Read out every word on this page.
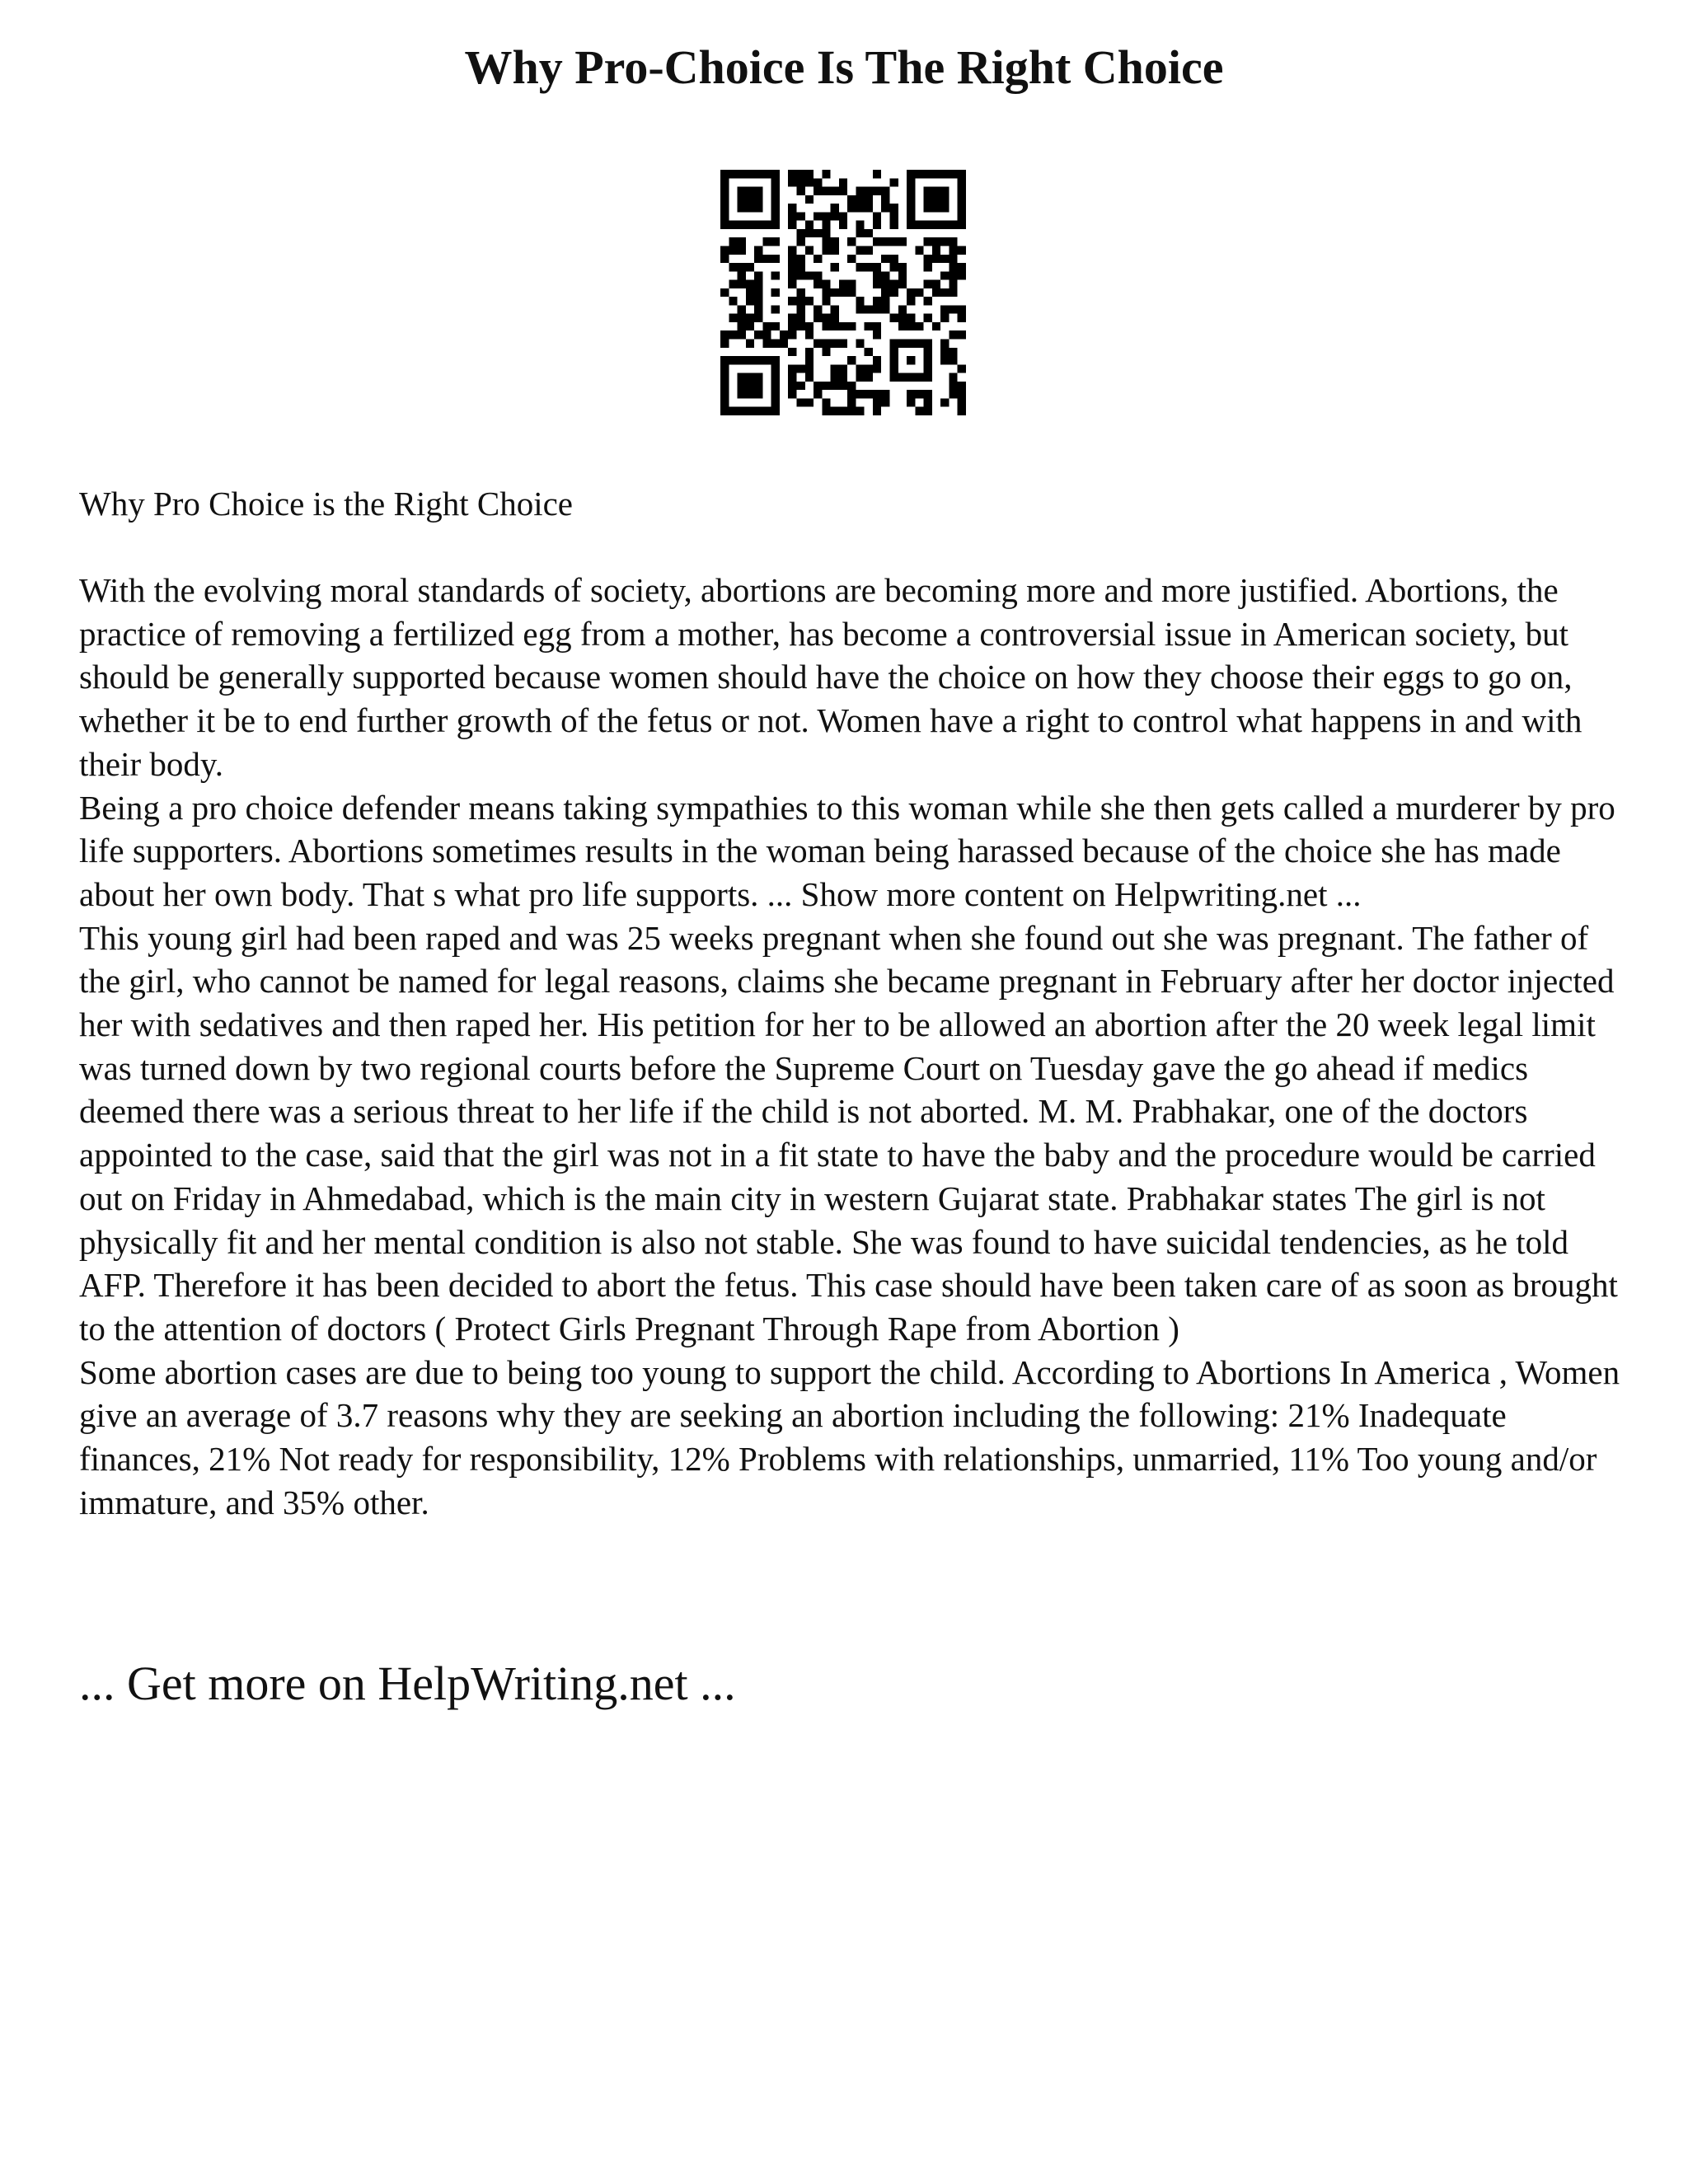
Why Pro-Choice Is The Right Choice

Why Pro Choice is the Right Choice

With the evolving moral standards of society, abortions are becoming more and more justified. Abortions, the practice of removing a fertilized egg from a mother, has become a controversial issue in American society, but should be generally supported because women should have the choice on how they choose their eggs to go on, whether it be to end further growth of the fetus or not. Women have a right to control what happens in and with their body.

Being a pro choice defender means taking sympathies to this woman while she then gets called a murderer by pro life supporters. Abortions sometimes results in the woman being harassed because of the choice she has made about her own body. That s what pro life supports. ... Show more content on Helpwriting.net ...

This young girl had been raped and was 25 weeks pregnant when she found out she was pregnant. The father of the girl, who cannot be named for legal reasons, claims she became pregnant in February after her doctor injected her with sedatives and then raped her. His petition for her to be allowed an abortion after the 20 week legal limit was turned down by two regional courts before the Supreme Court on Tuesday gave the go ahead if medics deemed there was a serious threat to her life if the child is not aborted. M. M. Prabhakar, one of the doctors appointed to the case, said that the girl was not in a fit state to have the baby and the procedure would be carried out on Friday in Ahmedabad, which is the main city in western Gujarat state. Prabhakar states The girl is not physically fit and her mental condition is also not stable. She was found to have suicidal tendencies, as he told AFP. Therefore it has been decided to abort the fetus. This case should have been taken care of as soon as brought to the attention of doctors ( Protect Girls Pregnant Through Rape from Abortion )

Some abortion cases are due to being too young to support the child. According to Abortions In America , Women give an average of 3.7 reasons why they are seeking an abortion including the following: 21% Inadequate finances, 21% Not ready for responsibility, 12% Problems with relationships, unmarried, 11% Too young and/or immature, and 35% other.

... Get more on HelpWriting.net ...
